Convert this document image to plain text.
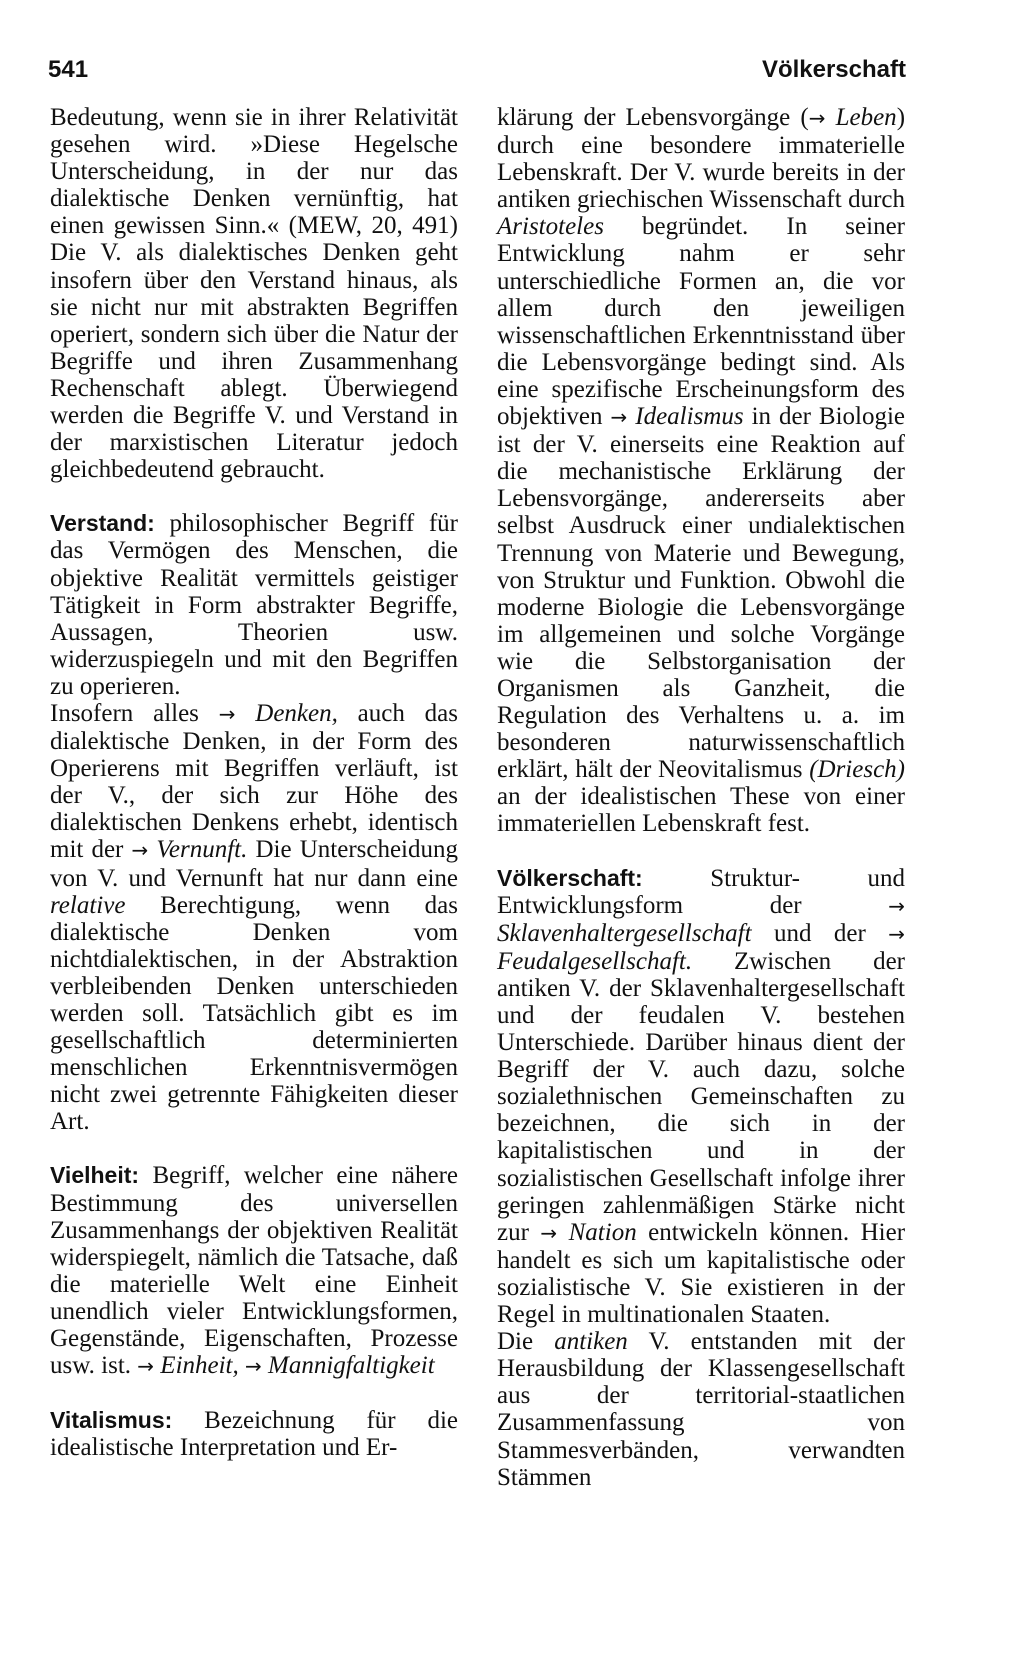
541	Völkerschaft

Bedeutung, wenn sie in ihrer Relativität gesehen wird. »Diese Hegelsche Unterscheidung, in der nur das dialektische Denken vernünftig, hat einen gewissen Sinn.« (MEW, 20, 491) Die V. als dialektisches Denken geht insofern über den Verstand hinaus, als sie nicht nur mit abstrakten Begriffen operiert, sondern sich über die Natur der Begriffe und ihren Zusammenhang Rechenschaft ablegt. Überwiegend werden die Begriffe V. und Verstand in der marxistischen Literatur jedoch gleichbedeutend gebraucht.

Verstand: philosophischer Begriff für das Vermögen des Menschen, die objektive Realität vermittels geistiger Tätigkeit in Form abstrakter Begriffe, Aussagen, Theorien usw. widerzuspiegeln und mit den Begriffen zu operieren.

Insofern alles → Denken, auch das dialektische Denken, in der Form des Operierens mit Begriffen verläuft, ist der V., der sich zur Höhe des dialektischen Denkens erhebt, identisch mit der → Vernunft. Die Unterscheidung von V. und Vernunft hat nur dann eine relative Berechtigung, wenn das dialektische Denken vom nichtdialektischen, in der Abstraktion verbleibenden Denken unterschieden werden soll. Tatsächlich gibt es im gesellschaftlich determinierten menschlichen Erkenntnisvermögen nicht zwei getrennte Fähigkeiten dieser Art.

Vielheit: Begriff, welcher eine nähere Bestimmung des universellen Zusammenhangs der objektiven Realität widerspiegelt, nämlich die Tatsache, daß die materielle Welt eine Einheit unendlich vieler Entwicklungsformen, Gegenstände, Eigenschaften, Prozesse usw. ist. → Einheit, → Mannigfaltigkeit

Vitalismus: Bezeichnung für die idealistische Interpretation und Er-

klärung der Lebensvorgänge (→ Leben) durch eine besondere immaterielle Lebenskraft. Der V. wurde bereits in der antiken griechischen Wissenschaft durch Aristoteles begründet. In seiner Entwicklung nahm er sehr unterschiedliche Formen an, die vor allem durch den jeweiligen wissenschaftlichen Erkenntnisstand über die Lebensvorgänge bedingt sind. Als eine spezifische Erscheinungsform des objektiven → Idealismus in der Biologie ist der V. einerseits eine Reaktion auf die mechanistische Erklärung der Lebensvorgänge, andererseits aber selbst Ausdruck einer undialektischen Trennung von Materie und Bewegung, von Struktur und Funktion. Obwohl die moderne Biologie die Lebensvorgänge im allgemeinen und solche Vorgänge wie die Selbstorganisation der Organismen als Ganzheit, die Regulation des Verhaltens u. a. im besonderen naturwissenschaftlich erklärt, hält der Neovitalismus (Driesch) an der idealistischen These von einer immateriellen Lebenskraft fest.

Völkerschaft:	Struktur- und Entwicklungsform der	→ Sklavenhaltergesellschaft und der → Feudalgesellschaft. Zwischen der antiken V. der Sklavenhaltergesellschaft und der feudalen V. bestehen Unterschiede. Darüber hinaus dient der Begriff der V. auch dazu, solche sozialethnischen Gemeinschaften zu bezeichnen, die sich in der kapitalistischen und in der sozialistischen Gesellschaft infolge ihrer geringen zahlenmäßigen Stärke nicht zur → Nation entwickeln können. Hier handelt es sich um kapitalistische oder sozialistische V. Sie existieren in der Regel in multinationalen Staaten.

Die antiken V. entstanden mit der Herausbildung der Klassengesellschaft aus der territorial-staatlichen Zusammenfassung von Stammesverbänden, verwandten Stämmen
